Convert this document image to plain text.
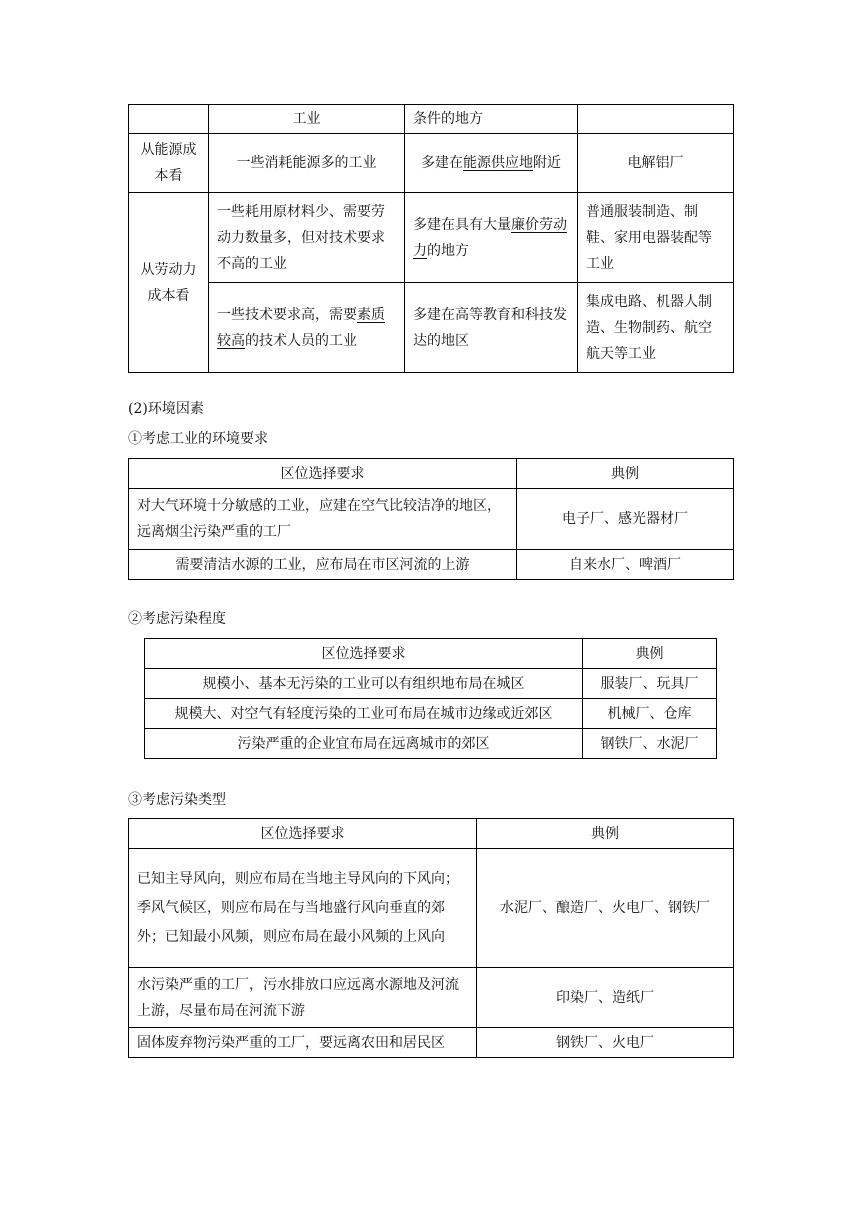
	工业	条件的地方	
从能源成本看	一些消耗能源多的工业	多建在能源供应地附近	电解铝厂
从劳动力成本看	一些耗用原材料少、需要劳动力数量多，但对技术要求不高的工业	多建在具有大量廉价劳动力的地方	普通服装制造、制鞋、家用电器装配等工业
	一些技术要求高，需要素质较高的技术人员的工业	多建在高等教育和科技发达的地区	集成电路、机器人制造、生物制药、航空航天等工业
(2)环境因素
①考虑工业的环境要求
区位选择要求	典例
对大气环境十分敏感的工业，应建在空气比较洁净的地区，远离烟尘污染严重的工厂	电子厂、感光器材厂
需要清洁水源的工业，应布局在市区河流的上游	自来水厂、啤酒厂
②考虑污染程度
区位选择要求	典例
规模小、基本无污染的工业可以有组织地布局在城区	服装厂、玩具厂
规模大、对空气有轻度污染的工业可布局在城市边缘或近郊区	机械厂、仓库
污染严重的企业宜布局在远离城市的郊区	钢铁厂、水泥厂
③考虑污染类型
区位选择要求	典例
已知主导风向，则应布局在当地主导风向的下风向；季风气候区，则应布局在与当地盛行风向垂直的郊外；已知最小风频，则应布局在最小风频的上风向	水泥厂、酿造厂、火电厂、钢铁厂
水污染严重的工厂，污水排放口应远离水源地及河流上游，尽量布局在河流下游	印染厂、造纸厂
固体废弃物污染严重的工厂，要远离农田和居民区	钢铁厂、火电厂
